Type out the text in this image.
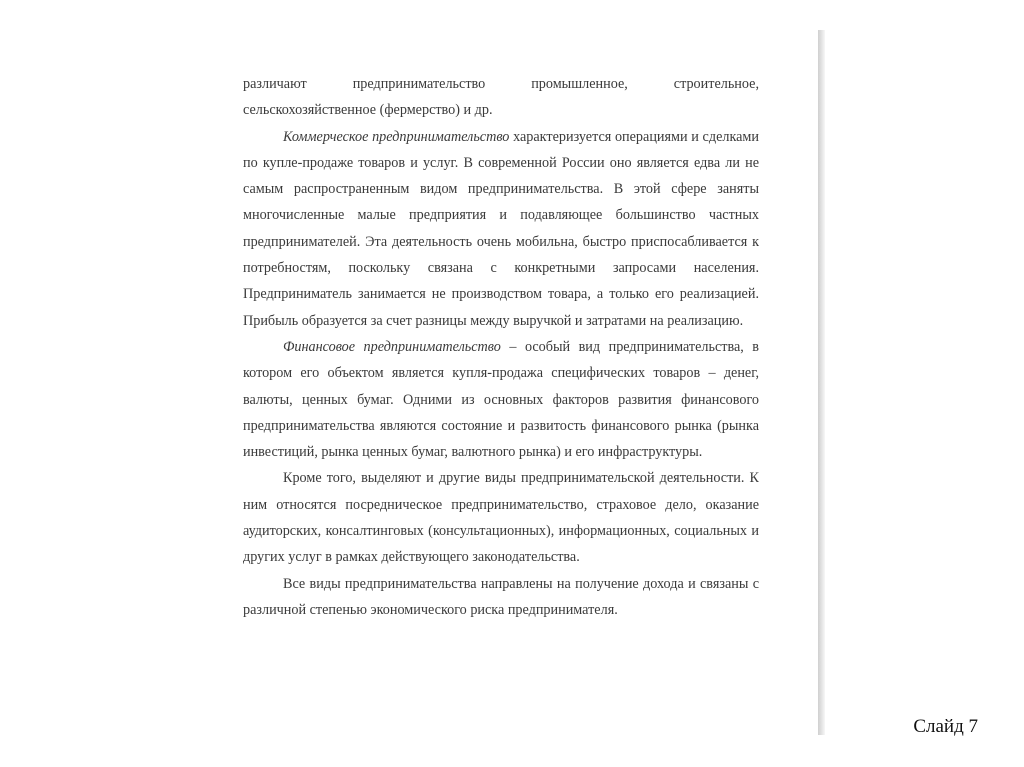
различают предпринимательство промышленное, строительное, сельскохозяйственное (фермерство) и др.

Коммерческое предпринимательство характеризуется операциями и сделками по купле-продаже товаров и услуг. В современной России оно является едва ли не самым распространенным видом предпринимательства. В этой сфере заняты многочисленные малые предприятия и подавляющее большинство частных предпринимателей. Эта деятельность очень мобильна, быстро приспосабливается к потребностям, поскольку связана с конкретными запросами населения. Предприниматель занимается не производством товара, а только его реализацией. Прибыль образуется за счет разницы между выручкой и затратами на реализацию.

Финансовое предпринимательство – особый вид предпринимательства, в котором его объектом является купля-продажа специфических товаров – денег, валюты, ценных бумаг. Одними из основных факторов развития финансового предпринимательства являются состояние и развитость финансового рынка (рынка инвестиций, рынка ценных бумаг, валютного рынка) и его инфраструктуры.

Кроме того, выделяют и другие виды предпринимательской деятельности. К ним относятся посредническое предпринимательство, страховое дело, оказание аудиторских, консалтинговых (консультационных), информационных, социальных и других услуг в рамках действующего законодательства.

Все виды предпринимательства направлены на получение дохода и связаны с различной степенью экономического риска предпринимателя.

Слайд 7
